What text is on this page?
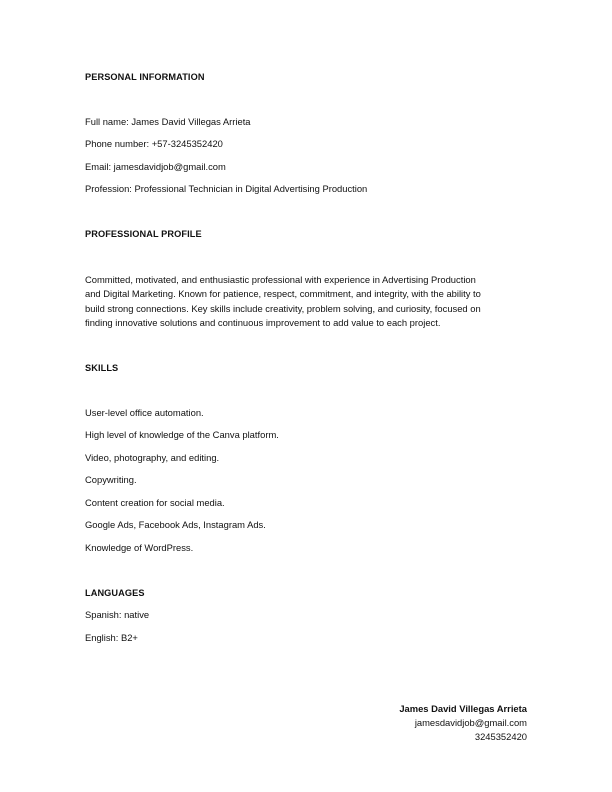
PERSONAL INFORMATION
Full name: James David Villegas Arrieta
Phone number: +57-3245352420
Email: jamesdavidjob@gmail.com
Profession: Professional Technician in Digital Advertising Production
PROFESSIONAL PROFILE
Committed, motivated, and enthusiastic professional with experience in Advertising Production
and Digital Marketing. Known for patience, respect, commitment, and integrity, with the ability to
build strong connections. Key skills include creativity, problem solving, and curiosity, focused on
finding innovative solutions and continuous improvement to add value to each project.
SKILLS
User-level office automation.
High level of knowledge of the Canva platform.
Video, photography, and editing.
Copywriting.
Content creation for social media.
Google Ads, Facebook Ads, Instagram Ads.
Knowledge of WordPress.
LANGUAGES
Spanish: native
English: B2+
James David Villegas Arrieta
jamesdavidjob@gmail.com
3245352420
